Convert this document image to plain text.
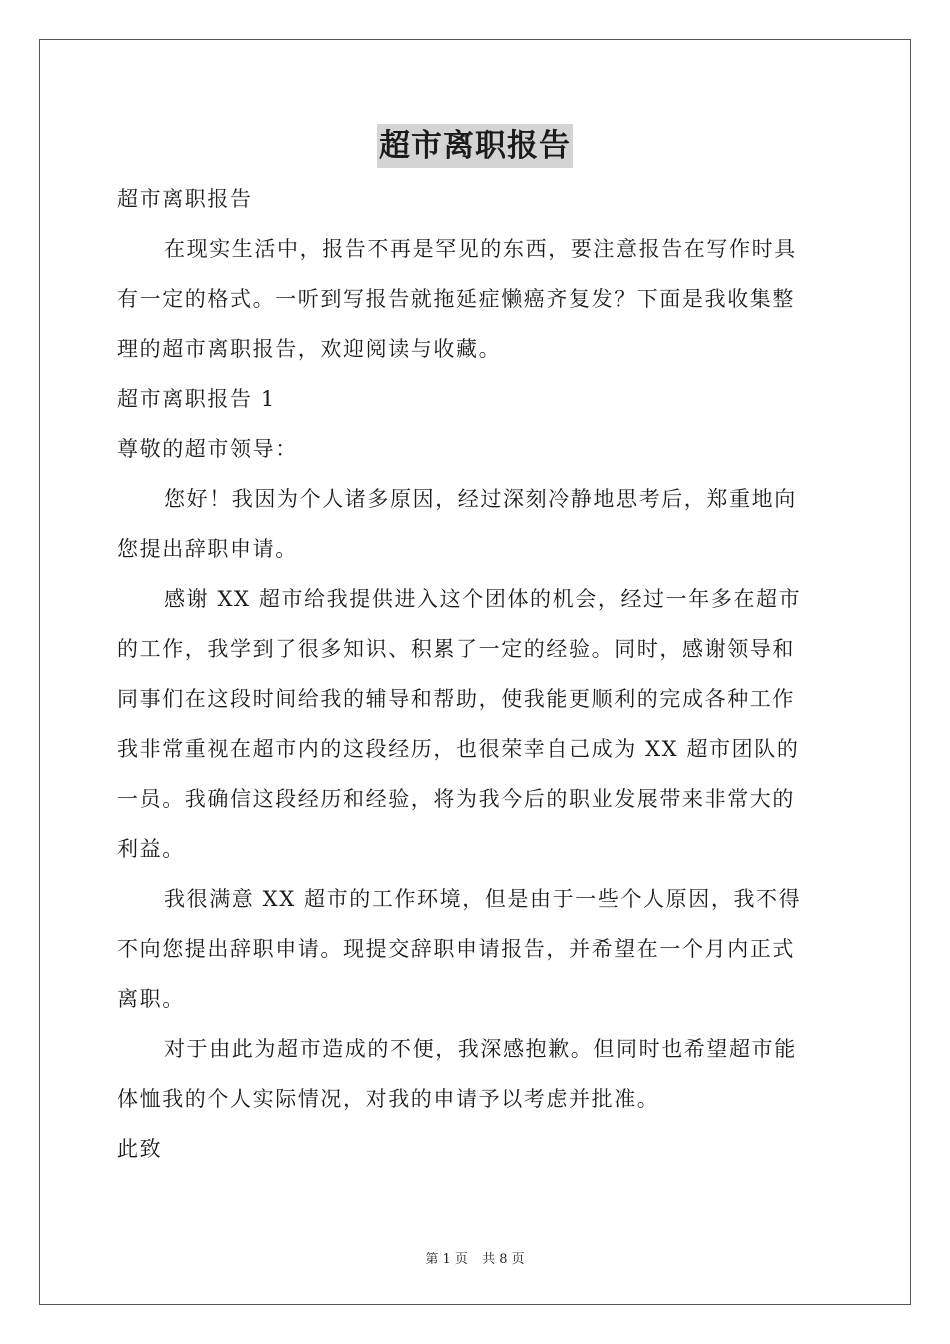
超市离职报告

超市离职报告

在现实生活中，报告不再是罕见的东西，要注意报告在写作时具

有一定的格式。一听到写报告就拖延症懒癌齐复发？下面是我收集整

理的超市离职报告，欢迎阅读与收藏。

超市离职报告 1

尊敬的超市领导：

您好！我因为个人诸多原因，经过深刻冷静地思考后，郑重地向

您提出辞职申请。

感谢 XX 超市给我提供进入这个团体的机会，经过一年多在超市

的工作，我学到了很多知识、积累了一定的经验。同时，感谢领导和

同事们在这段时间给我的辅导和帮助，使我能更顺利的完成各种工作

我非常重视在超市内的这段经历，也很荣幸自己成为 XX 超市团队的

一员。我确信这段经历和经验，将为我今后的职业发展带来非常大的

利益。

我很满意 XX 超市的工作环境，但是由于一些个人原因，我不得

不向您提出辞职申请。现提交辞职申请报告，并希望在一个月内正式

离职。

对于由此为超市造成的不便，我深感抱歉。但同时也希望超市能

体恤我的个人实际情况，对我的申请予以考虑并批准。

此致

第 1 页 共 8 页
